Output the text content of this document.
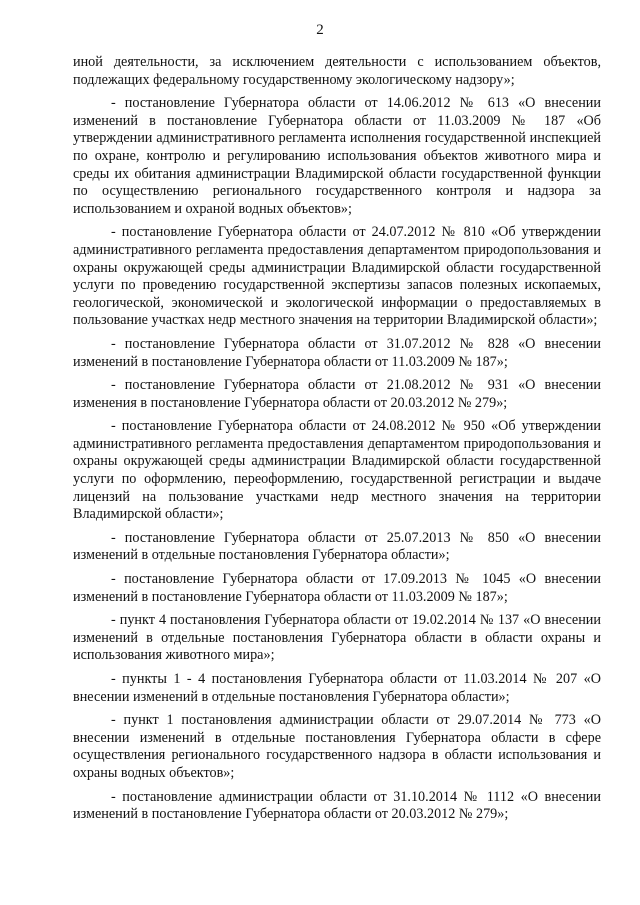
2

иной деятельности, за исключением деятельности с использованием объектов, подлежащих федеральному государственному экологическому надзору»;

- постановление Губернатора области от 14.06.2012 № 613 «О внесении изменений в постановление Губернатора области от 11.03.2009 № 187 «Об утверждении административного регламента исполнения государственной инспекцией по охране, контролю и регулированию использования объектов животного мира и среды их обитания администрации Владимирской области государственной функции по осуществлению регионального государственного контроля и надзора за использованием и охраной водных объектов»;

- постановление Губернатора области от 24.07.2012 № 810 «Об утверждении административного регламента предоставления департаментом природопользования и охраны окружающей среды администрации Владимирской области государственной услуги по проведению государственной экспертизы запасов полезных ископаемых, геологической, экономической и экологической информации о предоставляемых в пользование участках недр местного значения на территории Владимирской области»;

- постановление Губернатора области от 31.07.2012 № 828 «О внесении изменений в постановление Губернатора области от 11.03.2009 № 187»;

- постановление Губернатора области от 21.08.2012 № 931 «О внесении изменения в постановление Губернатора области от 20.03.2012 № 279»;

- постановление Губернатора области от 24.08.2012 № 950 «Об утверждении административного регламента предоставления департаментом природопользования и охраны окружающей среды администрации Владимирской области государственной услуги по оформлению, переоформлению, государственной регистрации и выдаче лицензий на пользование участками недр местного значения на территории Владимирской области»;

- постановление Губернатора области от 25.07.2013 № 850 «О внесении изменений в отдельные постановления Губернатора области»;

- постановление Губернатора области от 17.09.2013 № 1045 «О внесении изменений в постановление Губернатора области от 11.03.2009 № 187»;

- пункт 4 постановления Губернатора области от 19.02.2014 № 137 «О внесении изменений в отдельные постановления Губернатора области в области охраны и использования животного мира»;

- пункты 1 - 4 постановления Губернатора области от 11.03.2014 № 207 «О внесении изменений в отдельные постановления Губернатора области»;

- пункт 1 постановления администрации области от 29.07.2014 № 773 «О внесении изменений в отдельные постановления Губернатора области в сфере осуществления регионального государственного надзора в области использования и охраны водных объектов»;

- постановление администрации области от 31.10.2014 № 1112 «О внесении изменений в постановление Губернатора области от 20.03.2012 № 279»;
